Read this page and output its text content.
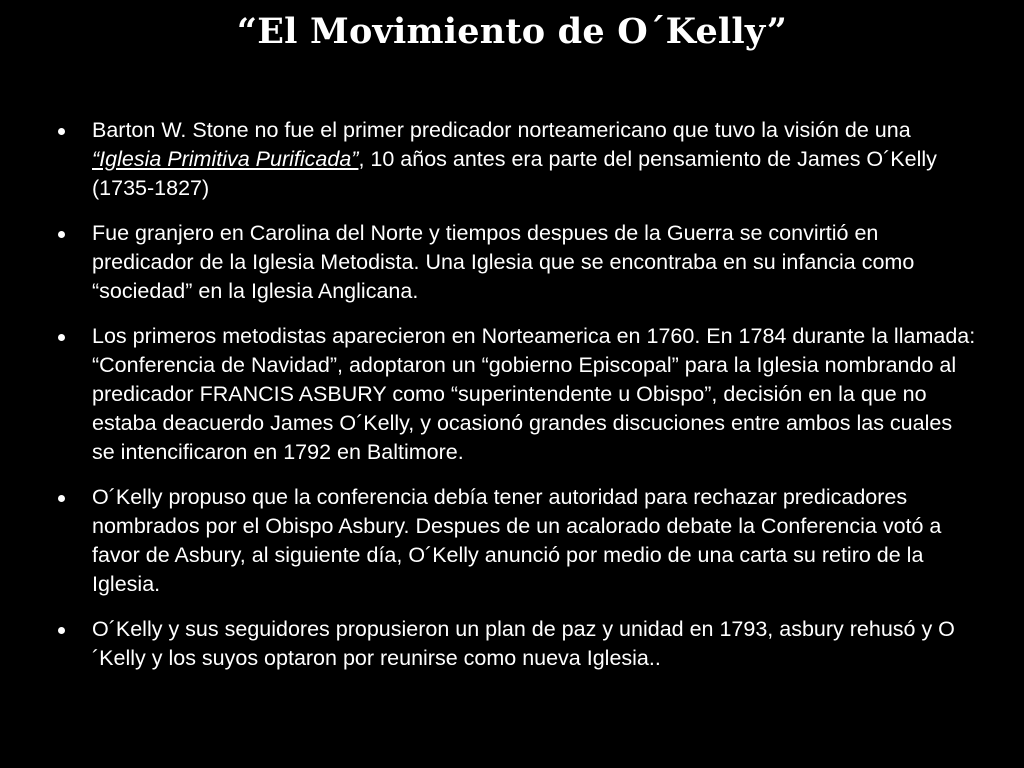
“El Movimiento de O´Kelly”
Barton W. Stone no fue el primer predicador norteamericano que tuvo la visión de una “Iglesia Primitiva Purificada”, 10 años antes era parte del pensamiento de James O´Kelly (1735-1827)
Fue granjero en Carolina del Norte y tiempos despues de la Guerra se convirtió en predicador de la Iglesia Metodista. Una Iglesia que se encontraba en su infancia como “sociedad” en la Iglesia Anglicana.
Los primeros metodistas aparecieron en Norteamerica en 1760. En 1784 durante la llamada: “Conferencia de Navidad”, adoptaron un “gobierno Episcopal” para la Iglesia nombrando al predicador FRANCIS ASBURY como “superintendente u Obispo”, decisión en la que no estaba deacuerdo James O´Kelly, y ocasionó grandes discuciones entre ambos las cuales se intencificaron en 1792 en Baltimore.
O´Kelly propuso que la conferencia debía tener autoridad para rechazar predicadores nombrados por el Obispo Asbury. Despues de un acalorado debate la Conferencia votó a favor de Asbury, al siguiente día, O´Kelly anunció por medio de una carta su retiro de la Iglesia.
O´Kelly y sus seguidores propusieron un plan de paz y unidad en 1793, asbury rehusó y O´Kelly y los suyos optaron por reunirse como nueva Iglesia..
